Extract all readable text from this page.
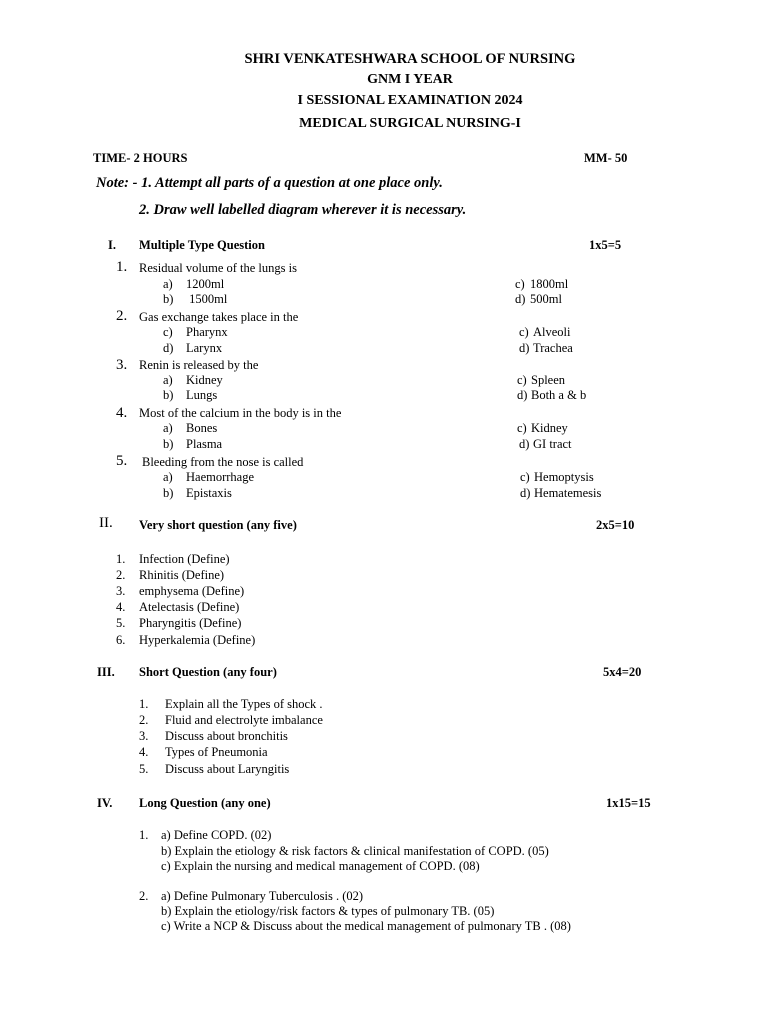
SHRI VENKATESHWARA SCHOOL OF NURSING
GNM I YEAR
I SESSIONAL EXAMINATION 2024
MEDICAL SURGICAL NURSING-I
TIME- 2 HOURS	MM- 50
Note: - 1. Attempt all parts of a question at one place only.
2. Draw well labelled diagram wherever it is necessary.
I. Multiple Type Question	1x5=5
1. Residual volume of the lungs is
a) 1200ml
b) 1500ml
c) 1800ml
d) 500ml
2. Gas exchange takes place in the
c) Pharynx
d) Larynx
c) Alveoli
d) Trachea
3. Renin is released by the
a) Kidney
b) Lungs
c) Spleen
d) Both a & b
4. Most of the calcium in the body is in the
a) Bones
b) Plasma
c) Kidney
d) GI tract
5. Bleeding from the nose is called
a) Haemorrhage
b) Epistaxis
c) Hemoptysis
d) Hematemesis
II. Very short question (any five)	2x5=10
1. Infection (Define)
2. Rhinitis (Define)
3. emphysema (Define)
4. Atelectasis (Define)
5. Pharyngitis (Define)
6. Hyperkalemia (Define)
III. Short Question (any four)	5x4=20
1. Explain all the Types of shock .
2. Fluid and electrolyte imbalance
3. Discuss about bronchitis
4. Types of Pneumonia
5. Discuss about Laryngitis
IV. Long Question (any one)	1x15=15
1. a) Define COPD. (02)
b) Explain the etiology & risk factors & clinical manifestation of COPD. (05)
c) Explain the nursing and medical management of COPD. (08)
2. a) Define Pulmonary Tuberculosis . (02)
b) Explain the etiology/risk factors & types of pulmonary TB. (05)
c) Write a NCP & Discuss about the medical management of pulmonary TB . (08)
